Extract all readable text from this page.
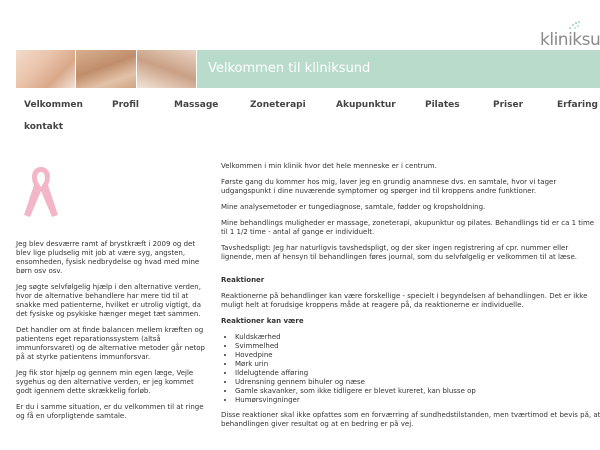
kliniksu
Velkommen til kliniksund
Velkommen	Profil	Massage	Zoneterapi	Akupunktur	Pilates	Priser	Erfaring
kontakt

Jeg blev desværre ramt af brystkræft i 2009 og det blev lige pludselig mit job at være syg, angsten, ensomheden, fysisk nedbrydelse og hvad med mine børn osv osv.

Jeg søgte selvfølgelig hjælp i den alternative verden, hvor de alternative behandlere har mere tid til at snakke med patienterne, hvilket er utrolig vigtigt, da det fysiske og psykiske hænger meget tæt sammen.

Det handler om at finde balancen mellem kræften og patientens eget reparationssystem (altså immunforsvaret) og de alternative metoder går netop på at styrke patientens immunforsvar.

Jeg fik stor hjælp og gennem min egen læge, Vejle sygehus og den alternative verden, er jeg kommet godt igennem dette skrækkelig forløb.

Er du i samme situation, er du velkommen til at ringe og få en uforpligtende samtale.

Velkommen i min klinik hvor det hele menneske er i centrum.

Første gang du kommer hos mig, laver jeg en grundig anamnese dvs. en samtale, hvor vi tager udgangspunkt i dine nuværende symptomer og spørger ind til kroppens andre funktioner.

Mine analysemetoder er tungediagnose, samtale, fødder og kropsholdning.

Mine behandlings muligheder er massage, zoneterapi, akupunktur og pilates. Behandlings tid er ca 1 time til 1 1/2 time - antal af gange er individuelt.

Tavshedspligt: Jeg har naturligvis tavshedspligt, og der sker ingen registrering af cpr. nummer eller lignende, men af hensyn til behandlingen føres journal, som du selvfølgelig er velkommen til at læse.

Reaktioner

Reaktionerne på behandlinger kan være forskellige - specielt i begyndelsen af behandlingen. Det er ikke muligt helt at forudsige kroppens måde at reagere på, da reaktionerne er individuelle.

Reaktioner kan være
• Kuldskærhed
• Svimmelhed
• Hovedpine
• Mørk urin
• Ildelugtende afføring
• Udrensning gennem bihuler og næse
• Gamle skavanker, som ikke tidligere er blevet kureret, kan blusse op
• Humørsvingninger

Disse reaktioner skal ikke opfattes som en forværring af sundhedstilstanden, men tværtimod et bevis på, at

behandlingen giver resultat og at en bedring er på vej.
